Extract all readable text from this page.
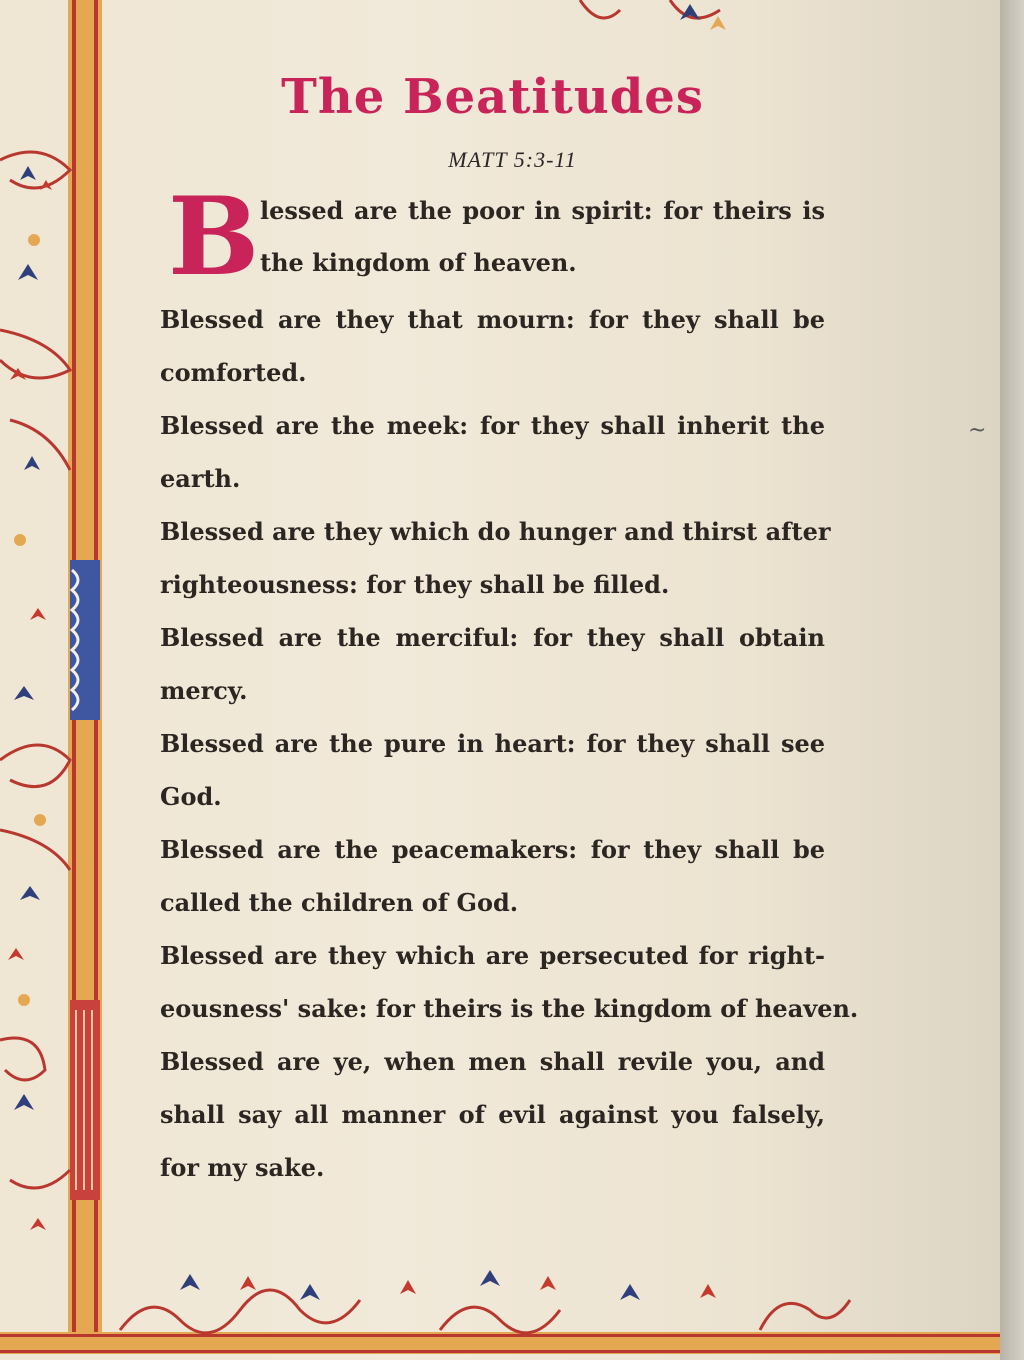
The Beatitudes
MATT 5:3-11
B lessed are the poor in spirit: for theirs is
the kingdom of heaven.
Blessed are they that mourn: for they shall be
comforted.
Blessed are the meek: for they shall inherit the
earth.
Blessed are they which do hunger and thirst after
righteousness: for they shall be filled.
Blessed are the merciful: for they shall obtain
mercy.
Blessed are the pure in heart: for they shall see
God.
Blessed are the peacemakers: for they shall be
called the children of God.
Blessed are they which are persecuted for right-
eousness' sake: for theirs is the kingdom of heaven.
Blessed are ye, when men shall revile you, and
shall say all manner of evil against you falsely,
for my sake.
~
